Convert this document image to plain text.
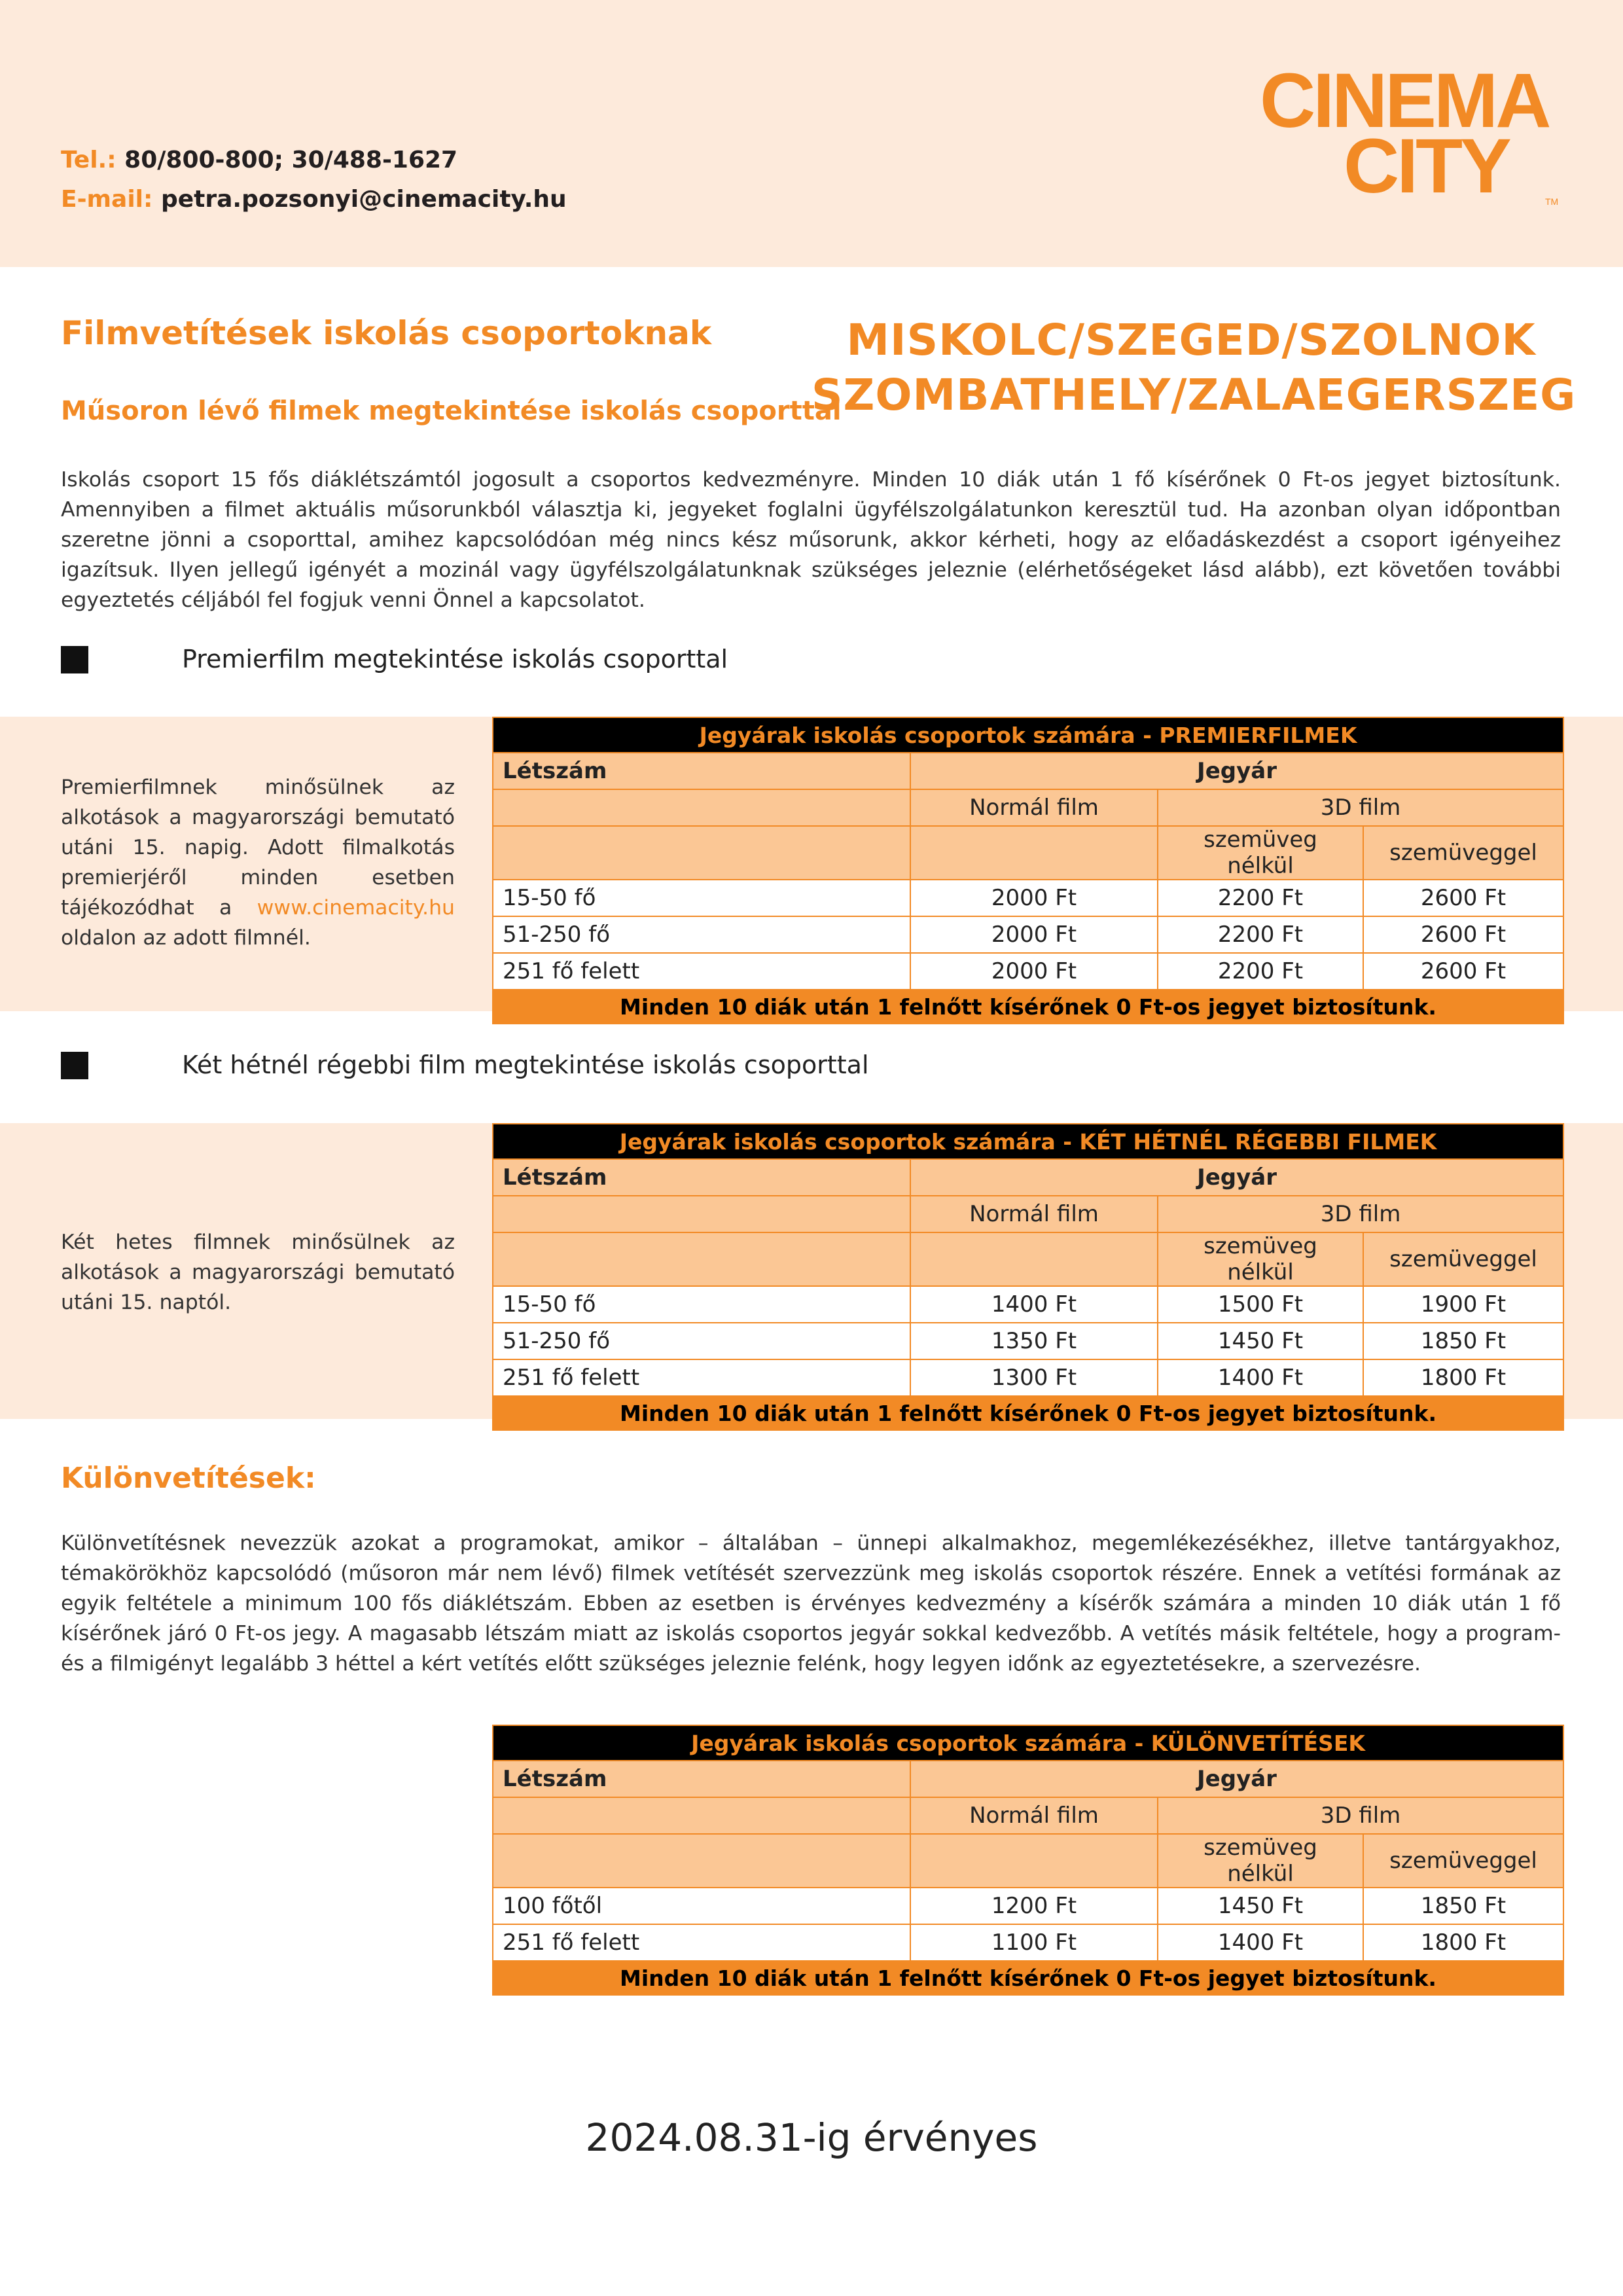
Tel.: 80/800-800; 30/488-1627
E-mail: petra.pozsonyi@cinemacity.hu
CINEMA
CITY	TM
Filmvetítések iskolás csoportoknak
Műsoron lévő filmek megtekintése iskolás csoporttal
MISKOLC/SZEGED/SZOLNOK
SZOMBATHELY/ZALAEGERSZEG
Iskolás csoport 15 fős diáklétszámtól jogosult a csoportos kedvezményre. Minden 10 diák után 1 fő kísérőnek 0 Ft-os jegyet biztosítunk. Amennyiben a filmet aktuális műsorunkból választja ki, jegyeket foglalni ügyfélszolgálatunkon keresztül tud. Ha azonban olyan időpontban szeretne jönni a csoporttal, amihez kapcsolódóan még nincs kész műsorunk, akkor kérheti, hogy az előadáskezdést a csoport igényeihez igazítsuk. Ilyen jellegű igényét a mozinál vagy ügyfélszolgálatunknak szükséges jeleznie (elérhetőségeket lásd alább), ezt követően további egyeztetés céljából fel fogjuk venni Önnel a kapcsolatot.
Premierfilm megtekintése iskolás csoporttal
Premierfilmnek minősülnek az alkotások a magyarországi bemutató utáni 15. napig. Adott filmalkotás premierjéről minden esetben tájékozódhat a www.cinemacity.hu oldalon az adott filmnél.
Jegyárak iskolás csoportok számára - PREMIERFILMEK			
Létszám	Jegyár		
	Normál film	3D film	
		szemüveg nélkül	szemüveggel
15-50 fő	2000 Ft	2200 Ft	2600 Ft
51-250 fő	2000 Ft	2200 Ft	2600 Ft
251 fő felett	2000 Ft	2200 Ft	2600 Ft
Minden 10 diák után 1 felnőtt kísérőnek 0 Ft-os jegyet biztosítunk.			
Két hétnél régebbi film megtekintése iskolás csoporttal
Két hetes filmnek minősülnek az alkotások a magyarországi bemutató utáni 15. naptól.
Jegyárak iskolás csoportok számára - KÉT HÉTNÉL RÉGEBBI FILMEK			
Létszám	Jegyár		
	Normál film	3D film	
		szemüveg nélkül	szemüveggel
15-50 fő	1400 Ft	1500 Ft	1900 Ft
51-250 fő	1350 Ft	1450 Ft	1850 Ft
251 fő felett	1300 Ft	1400 Ft	1800 Ft
Minden 10 diák után 1 felnőtt kísérőnek 0 Ft-os jegyet biztosítunk.			
Különvetítések:
Különvetítésnek nevezzük azokat a programokat, amikor – általában – ünnepi alkalmakhoz, megemlékezésékhez, illetve tantárgyakhoz, témakörökhöz kapcsolódó (műsoron már nem lévő) filmek vetítését szervezzünk meg iskolás csoportok részére. Ennek a vetítési formának az egyik feltétele a minimum 100 fős diáklétszám. Ebben az esetben is érvényes kedvezmény a kísérők számára a minden 10 diák után 1 fő kísérőnek járó 0 Ft-os jegy. A magasabb létszám miatt az iskolás csoportos jegyár sokkal kedvezőbb. A vetítés másik feltétele, hogy a program- és a filmigényt legalább 3 héttel a kért vetítés előtt szükséges jeleznie felénk, hogy legyen időnk az egyeztetésekre, a szervezésre.
Jegyárak iskolás csoportok számára - KÜLÖNVETÍTÉSEK			
Létszám	Jegyár		
	Normál film	3D film	
		szemüveg nélkül	szemüveggel
100 főtől	1200 Ft	1450 Ft	1850 Ft
251 fő felett	1100 Ft	1400 Ft	1800 Ft
Minden 10 diák után 1 felnőtt kísérőnek 0 Ft-os jegyet biztosítunk.			
2024.08.31-ig érvényes
